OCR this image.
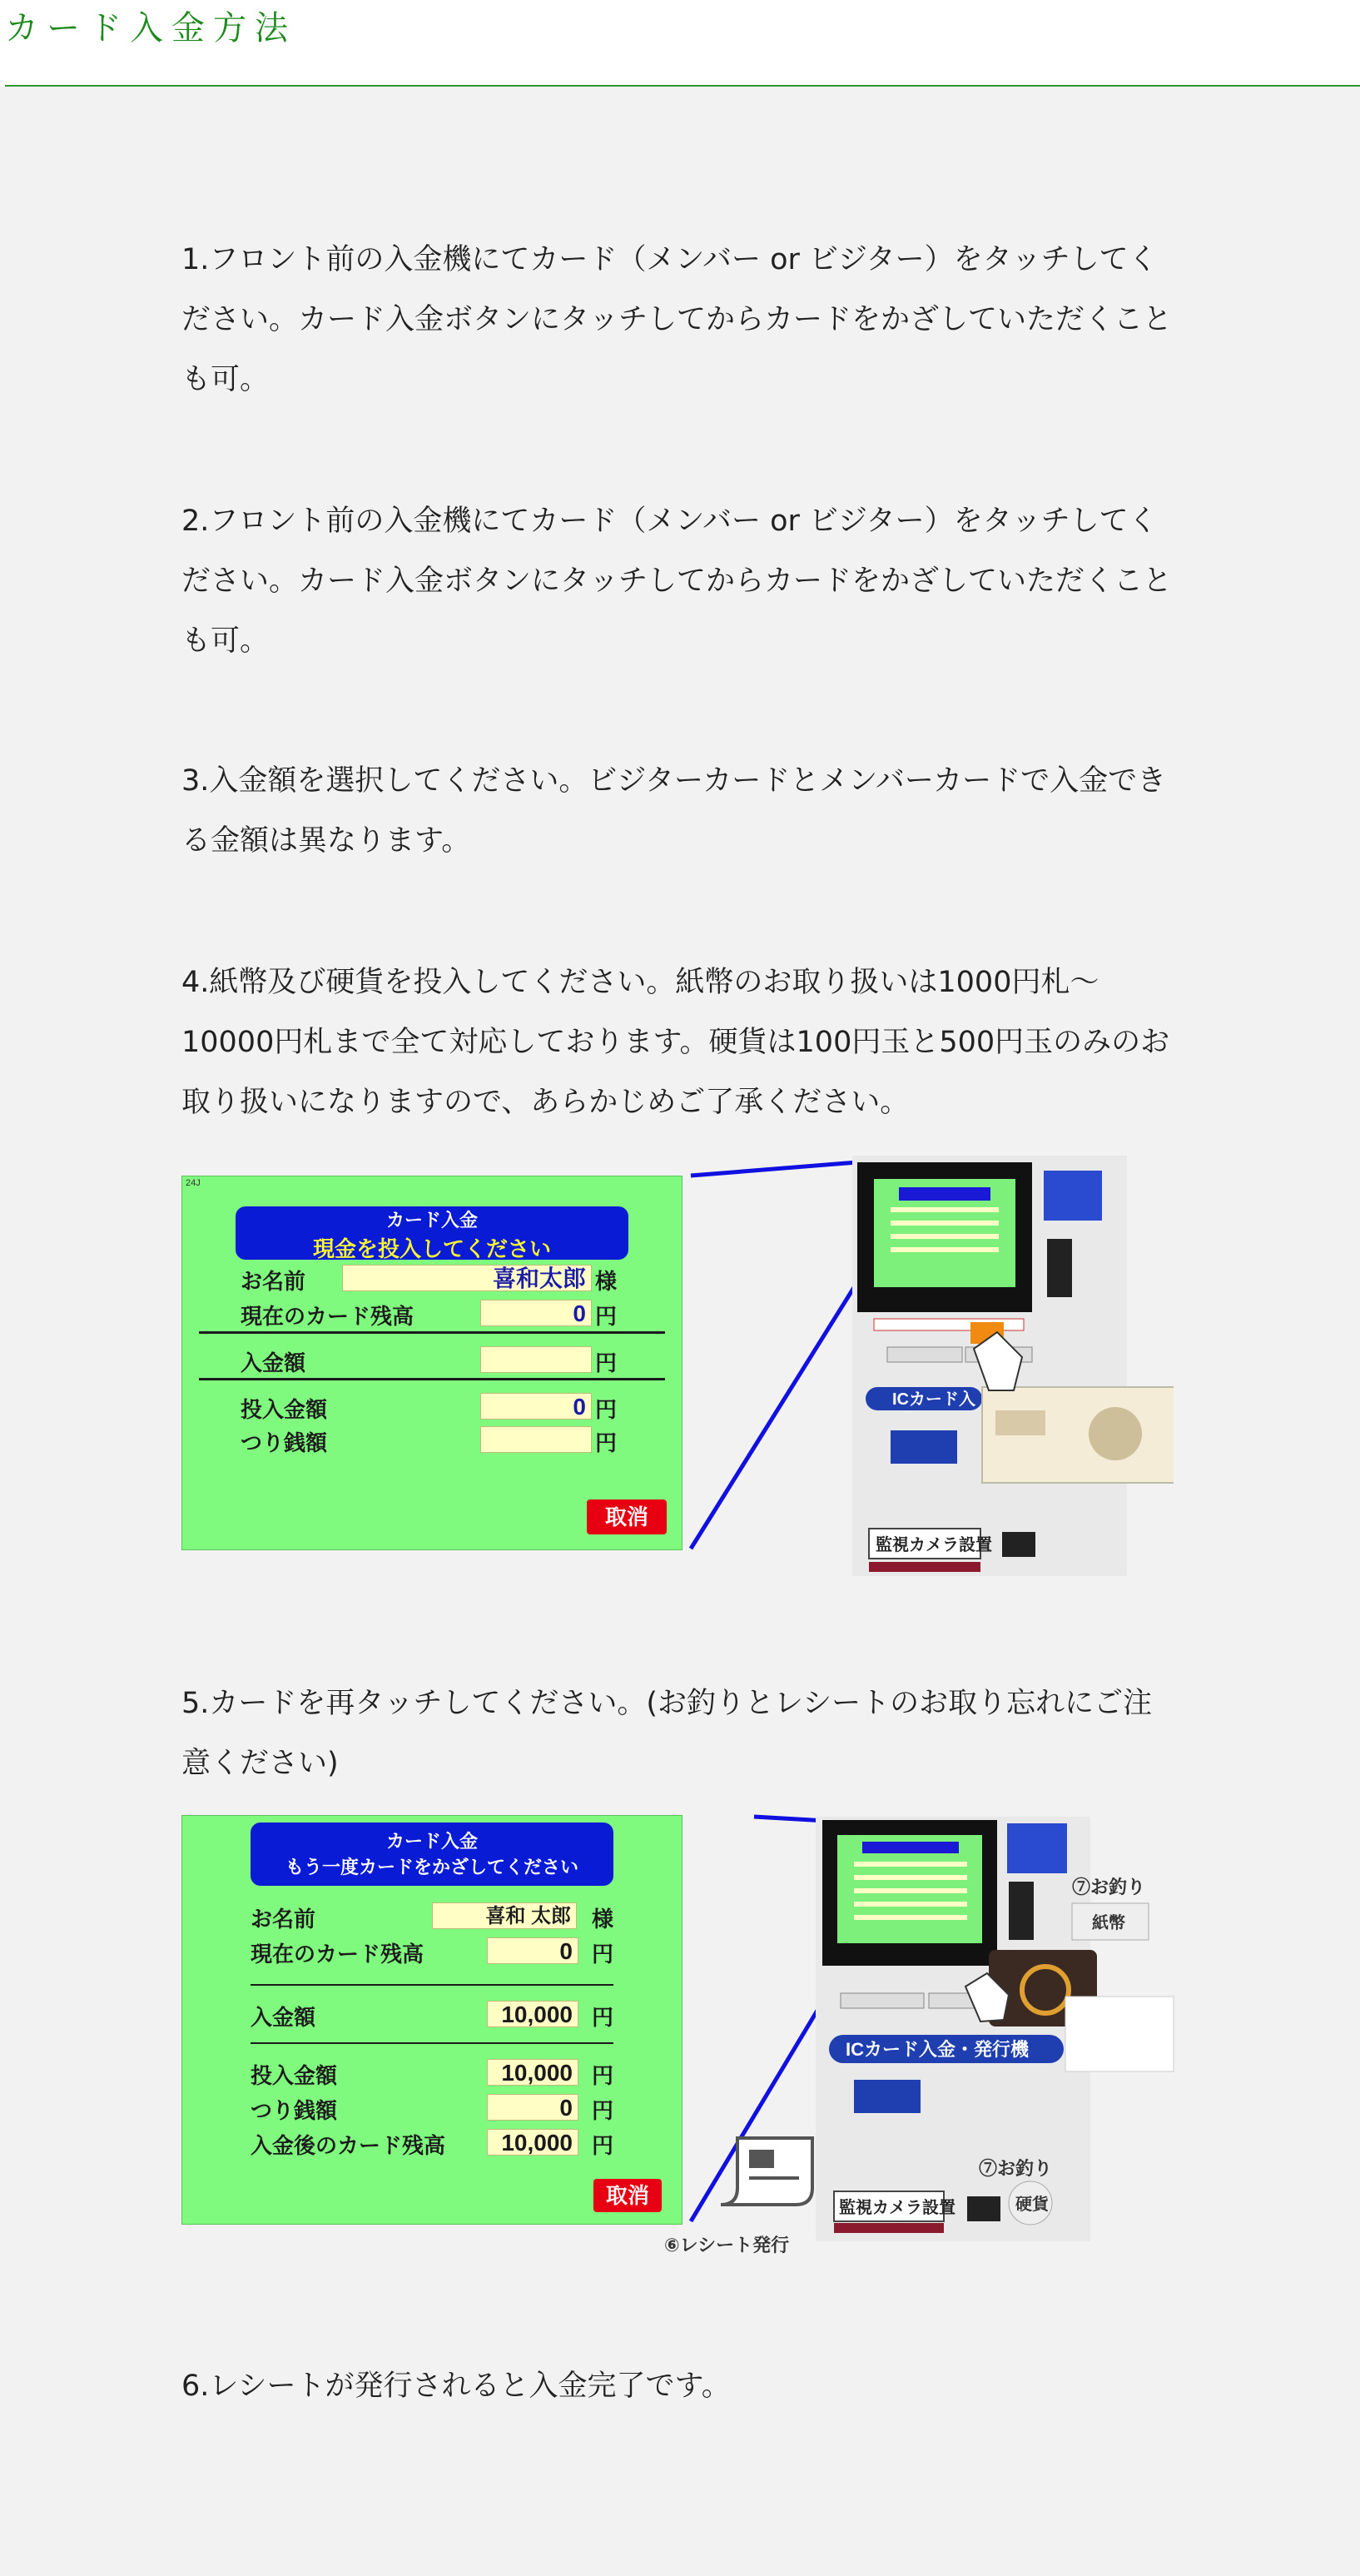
カード入金方法

1.フロント前の入金機にてカード（メンバー or ビジター）をタッチしてください。カード入金ボタンにタッチしてからカードをかざしていただくことも可。

2.フロント前の入金機にてカード（メンバー or ビジター）をタッチしてください。カード入金ボタンにタッチしてからカードをかざしていただくことも可。

3.入金額を選択してください。ビジターカードとメンバーカードで入金できる金額は異なります。

4.紙幣及び硬貨を投入してください。紙幣のお取り扱いは1000円札～10000円札まで全て対応しております。硬貨は100円玉と500円玉のみのお取り扱いになりますので、あらかじめご了承ください。

5.カードを再タッチしてください。(お釣りとレシートのお取り忘れにご注意ください)

6.レシートが発行されると入金完了です。

24J
カード入金
現金を投入してください
お名前	喜和太郎 様
現在のカード残高	0 円
入金額	円
投入金額	0 円
つり銭額	円
取消
ICカード入
監視カメラ設置
カード入金
もう一度カードをかざしてください
お名前	喜和 太郎 様
現在のカード残高	0 円
入金額	10,000 円
投入金額	10,000 円
つり銭額	0 円
入金後のカード残高	10,000 円
取消
⑦お釣り
紙幣
ICカード入金・発行機
⑦お釣り
硬貨
監視カメラ設置
⑥レシート発行
